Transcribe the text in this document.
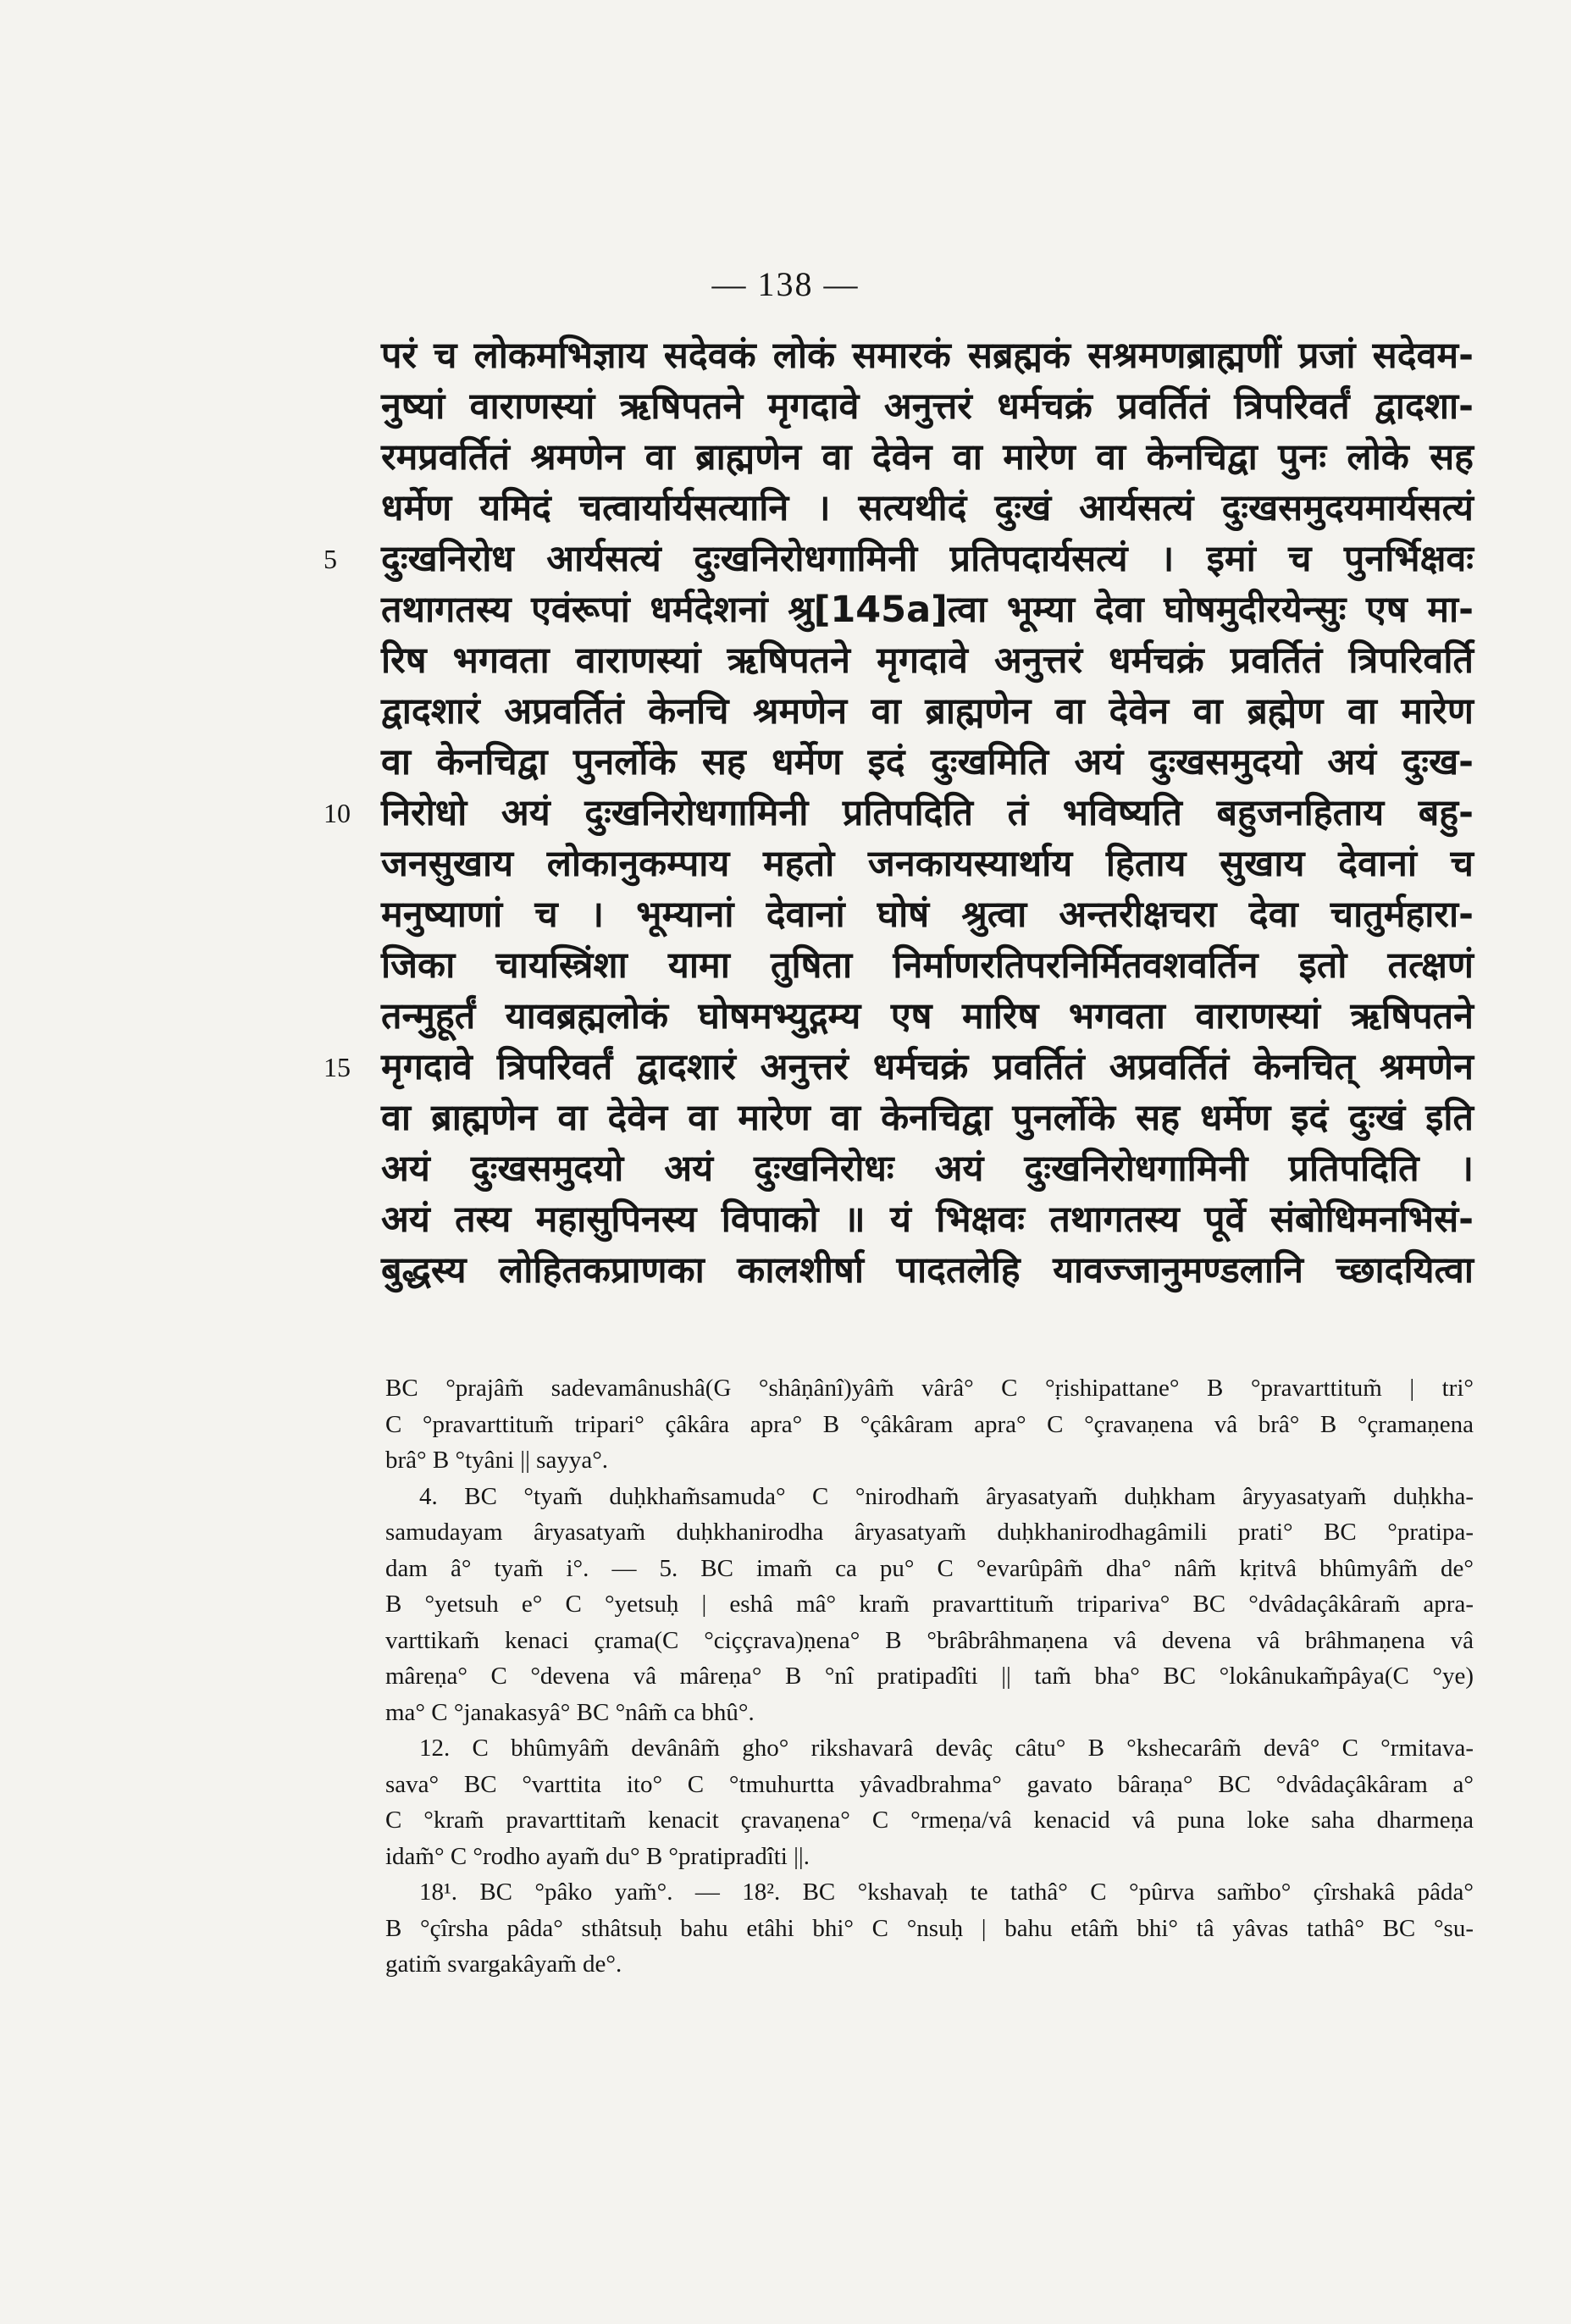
— 138 —
परं च लोकमभिज्ञाय सदेवकं लोकं समारकं सब्रह्मकं सश्रमणब्राह्मणीं प्रजां सदेवम-
नुष्यां वाराणस्यां ऋषिपतने मृगदावे अनुत्तरं धर्मचक्रं प्रवर्तितं त्रिपरिवर्तं द्वादशा-
रमप्रवर्तितं श्रमणेन वा ब्राह्मणेन वा देवेन वा मारेण वा केनचिद्वा पुनः लोके सह
धर्मेण यमिदं चत्वार्यार्यसत्यानि । सत्यथीदं दुःखं आर्यसत्यं दुःखसमुदयमार्यसत्यं
5	दुःखनिरोध आर्यसत्यं दुःखनिरोधगामिनी प्रतिपदार्यसत्यं । इमां च पुनर्भिक्षवः
तथागतस्य एवंरूपां धर्मदेशनां श्रु[145a]त्वा भूम्या देवा घोषमुदीरयेन्सुः एष मा-
रिष भगवता वाराणस्यां ऋषिपतने मृगदावे अनुत्तरं धर्मचक्रं प्रवर्तितं त्रिपरिवर्ति
द्वादशारं अप्रवर्तितं केनचि श्रमणेन वा ब्राह्मणेन वा देवेन वा ब्रह्मेण वा मारेण
वा केनचिद्वा पुनर्लोके सह धर्मेण इदं दुःखमिति अयं दुःखसमुदयो अयं दुःख-
10 निरोधो अयं दुःखनिरोधगामिनी प्रतिपदिति तं भविष्यति बहुजनहिताय बहु-
जनसुखाय लोकानुकम्पाय महतो जनकायस्यार्थाय हिताय सुखाय देवानां च
मनुष्याणां च । भूम्यानां देवानां घोषं श्रुत्वा अन्तरीक्षचरा देवा चातुर्महारा-
जिका चायस्त्रिंशा यामा तुषिता निर्माणरतिपरनिर्मितवशवर्तिन इतो तत्क्षणं
तन्मुहूर्तं यावब्रह्मलोकं घोषमभ्युद्गम्य एष मारिष भगवता वाराणस्यां ऋषिपतने
15 मृगदावे त्रिपरिवर्तं द्वादशारं अनुत्तरं धर्मचक्रं प्रवर्तितं अप्रवर्तितं केनचित् श्रमणेन
वा ब्राह्मणेन वा देवेन वा मारेण वा केनचिद्वा पुनर्लोके सह धर्मेण इदं दुःखं इति
अयं दुःखसमुदयो अयं दुःखनिरोधः अयं दुःखनिरोधगामिनी प्रतिपदिति ।
अयं तस्य महासुपिनस्य विपाको ॥ यं भिक्षवः तथागतस्य पूर्वे संबोधिमनभिसं-
बुद्धस्य लोहितकप्राणका कालशीर्षा पादतलेहि यावज्जानुमण्डलानि च्छादयित्वा
BC °prajâm̃ sadevamânushâ(G °shâṇânî)yâm̃ vârâ° C °ṛishipattane° B °pravarttitum̃ | tri°
C °pravarttitum̃ tripari° çâkâra apra° B °çâkâram apra° C °çravaṇena vâ brâ° B °çramaṇena
brâ° B °tyâni || sayya°.
4. BC °tyam̃ duḥkham̃samuda° C °nirodham̃ âryasatyam̃ duḥkham âryyasatyam̃ duḥkha-
samudayam âryasatyam̃ duḥkhanirodha âryasatyam̃ duḥkhanirodhagâmili prati° BC °pratipa-
dam â° tyam̃ i°. — 5. BC imam̃ ca pu° C °evarûpâm̃ dha° nâm̃ kṛitvâ bhûmyâm̃ de°
B °yetsuh e° C °yetsuḥ | eshâ mâ° kram̃ pravarttitum̃ tripariva° BC °dvâdaçâkâram̃ apra-
varttikam̃ kenaci çrama(C °ciççrava)ṇena° B °brâbrâhmaṇena vâ devena vâ brâhmaṇena vâ
mâreṇa° C °devena vâ mâreṇa° B °nî pratipadîti || tam̃ bha° BC °lokânukam̃pâya(C °ye)
ma° C °janakasyâ° BC °nâm̃ ca bhû°.
12. C bhûmyâm̃ devânâm̃ gho° rikshavarâ devâç câtu° B °kshecarâm̃ devâ° C °rmitava-
sava° BC °varttita ito° C °tmuhurtta yâvadbrahma° gavato bâraṇa° BC °dvâdaçâkâram a°
C °kram̃ pravarttitam̃ kenacit çravaṇena° C °rmeṇa/vâ kenacid vâ puna loke saha dharmeṇa
idam̃° C °rodho ayam̃ du° B °pratipradîti ||.
18¹. BC °pâko yam̃°. — 18². BC °kshavaḥ te tathâ° C °pûrva sam̃bo° çîrshakâ pâda°
B °çîrsha pâda° sthâtsuḥ bahu etâhi bhi° C °nsuḥ | bahu etâm̃ bhi° tâ yâvas tathâ° BC °su-
gatim̃ svargakâyam̃ de°.
